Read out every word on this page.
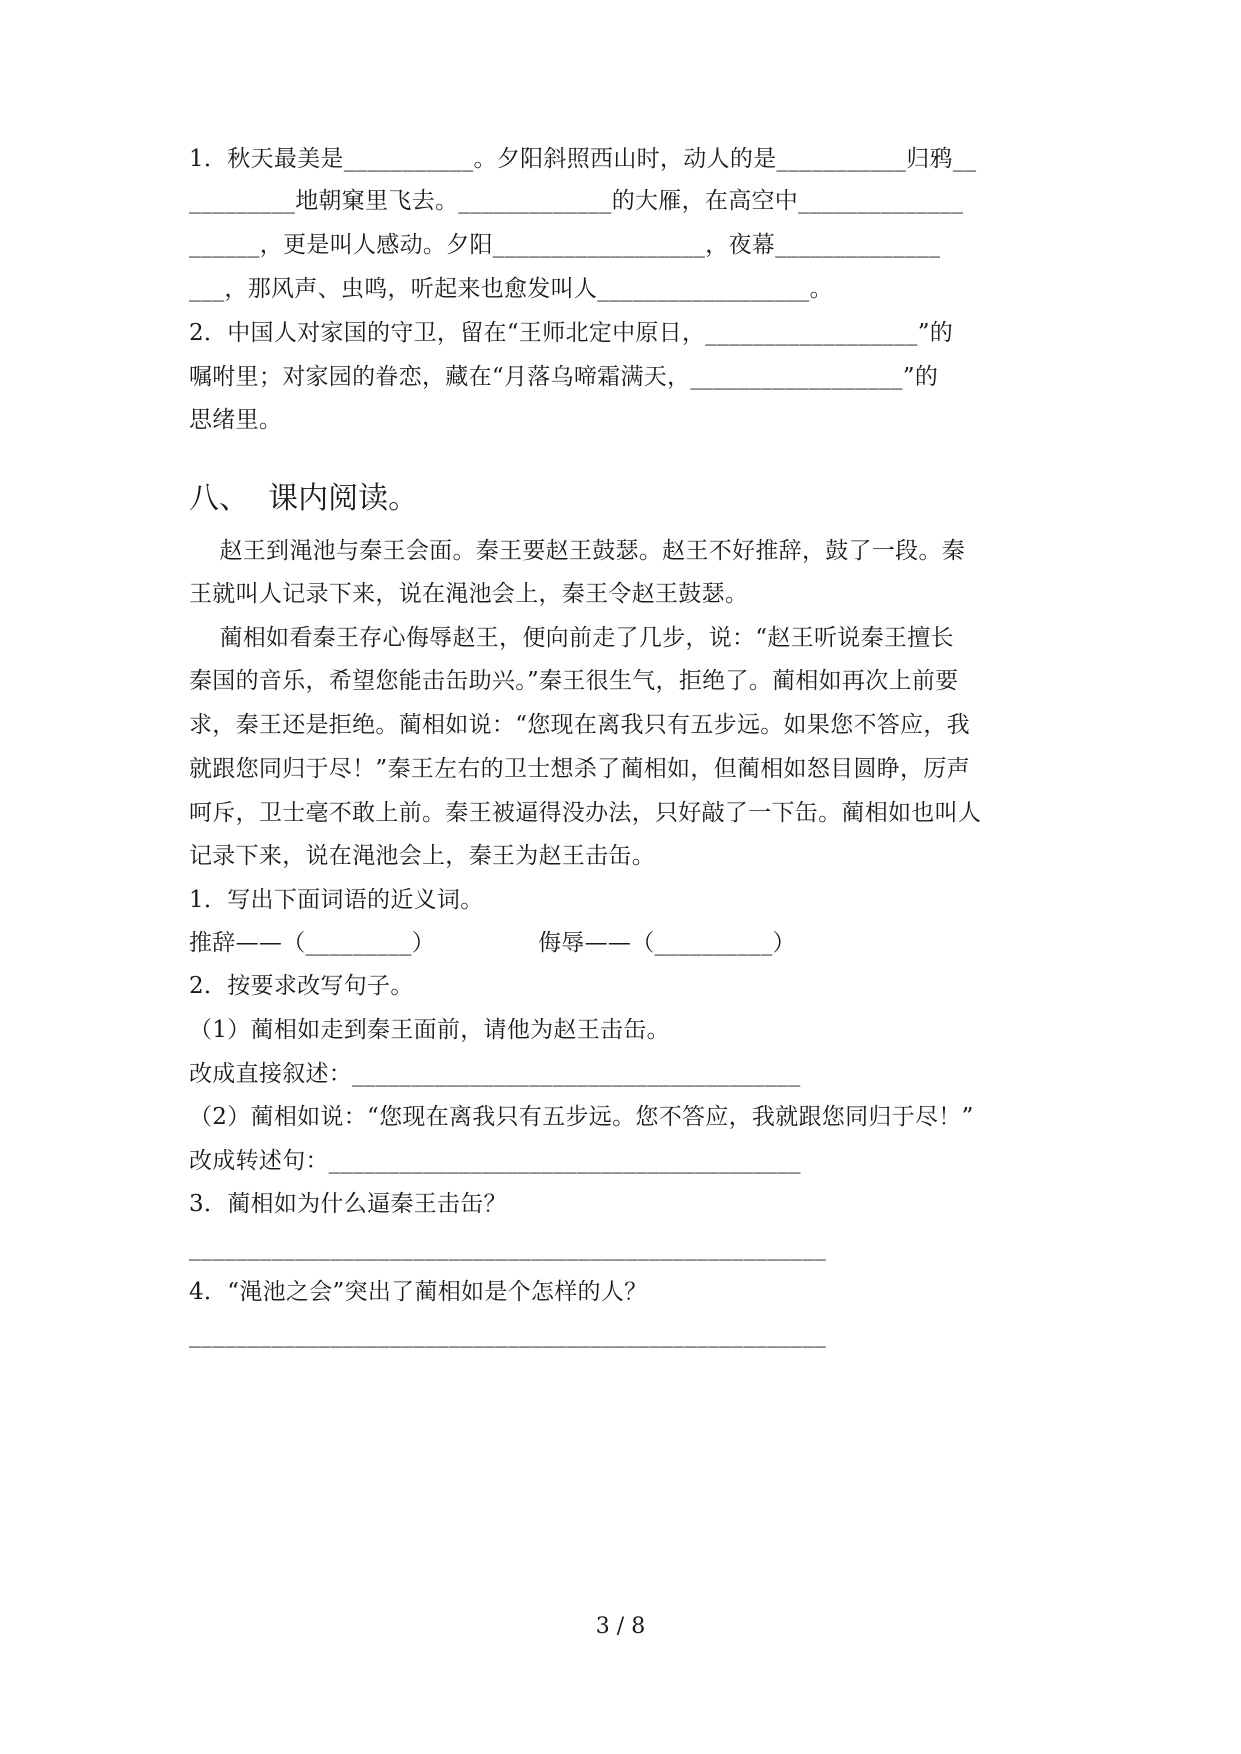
1．秋天最美是___________。夕阳斜照西山时，动人的是___________归鸦__
_________地朝窠里飞去。_____________的大雁，在高空中______________
______，更是叫人感动。夕阳__________________，夜幕______________
___，那风声、虫鸣，听起来也愈发叫人__________________。
2．中国人对家国的守卫，留在“王师北定中原日，__________________”的
嘱咐里；对家园的眷恋，藏在“月落乌啼霜满天，__________________”的
思绪里。
八、  课内阅读。
赵王到渑池与秦王会面。秦王要赵王鼓瑟。赵王不好推辞，鼓了一段。秦
王就叫人记录下来，说在渑池会上，秦王令赵王鼓瑟。
蔺相如看秦王存心侮辱赵王，便向前走了几步，说：“赵王听说秦王擅长
秦国的音乐，希望您能击缶助兴。”秦王很生气，拒绝了。蔺相如再次上前要
求，秦王还是拒绝。蔺相如说：“您现在离我只有五步远。如果您不答应，我
就跟您同归于尽！”秦王左右的卫士想杀了蔺相如，但蔺相如怒目圆睁，厉声
呵斥，卫士毫不敢上前。秦王被逼得没办法，只好敲了一下缶。蔺相如也叫人
记录下来，说在渑池会上，秦王为赵王击缶。
1．写出下面词语的近义词。
推辞——（_________）	侮辱——（__________）
2．按要求改写句子。
（1）蔺相如走到秦王面前，请他为赵王击缶。
改成直接叙述：______________________________________
（2）蔺相如说：“您现在离我只有五步远。您不答应，我就跟您同归于尽！”
改成转述句：________________________________________
3．蔺相如为什么逼秦王击缶？
______________________________________________________
4．“渑池之会”突出了蔺相如是个怎样的人？
______________________________________________________
3 / 8
